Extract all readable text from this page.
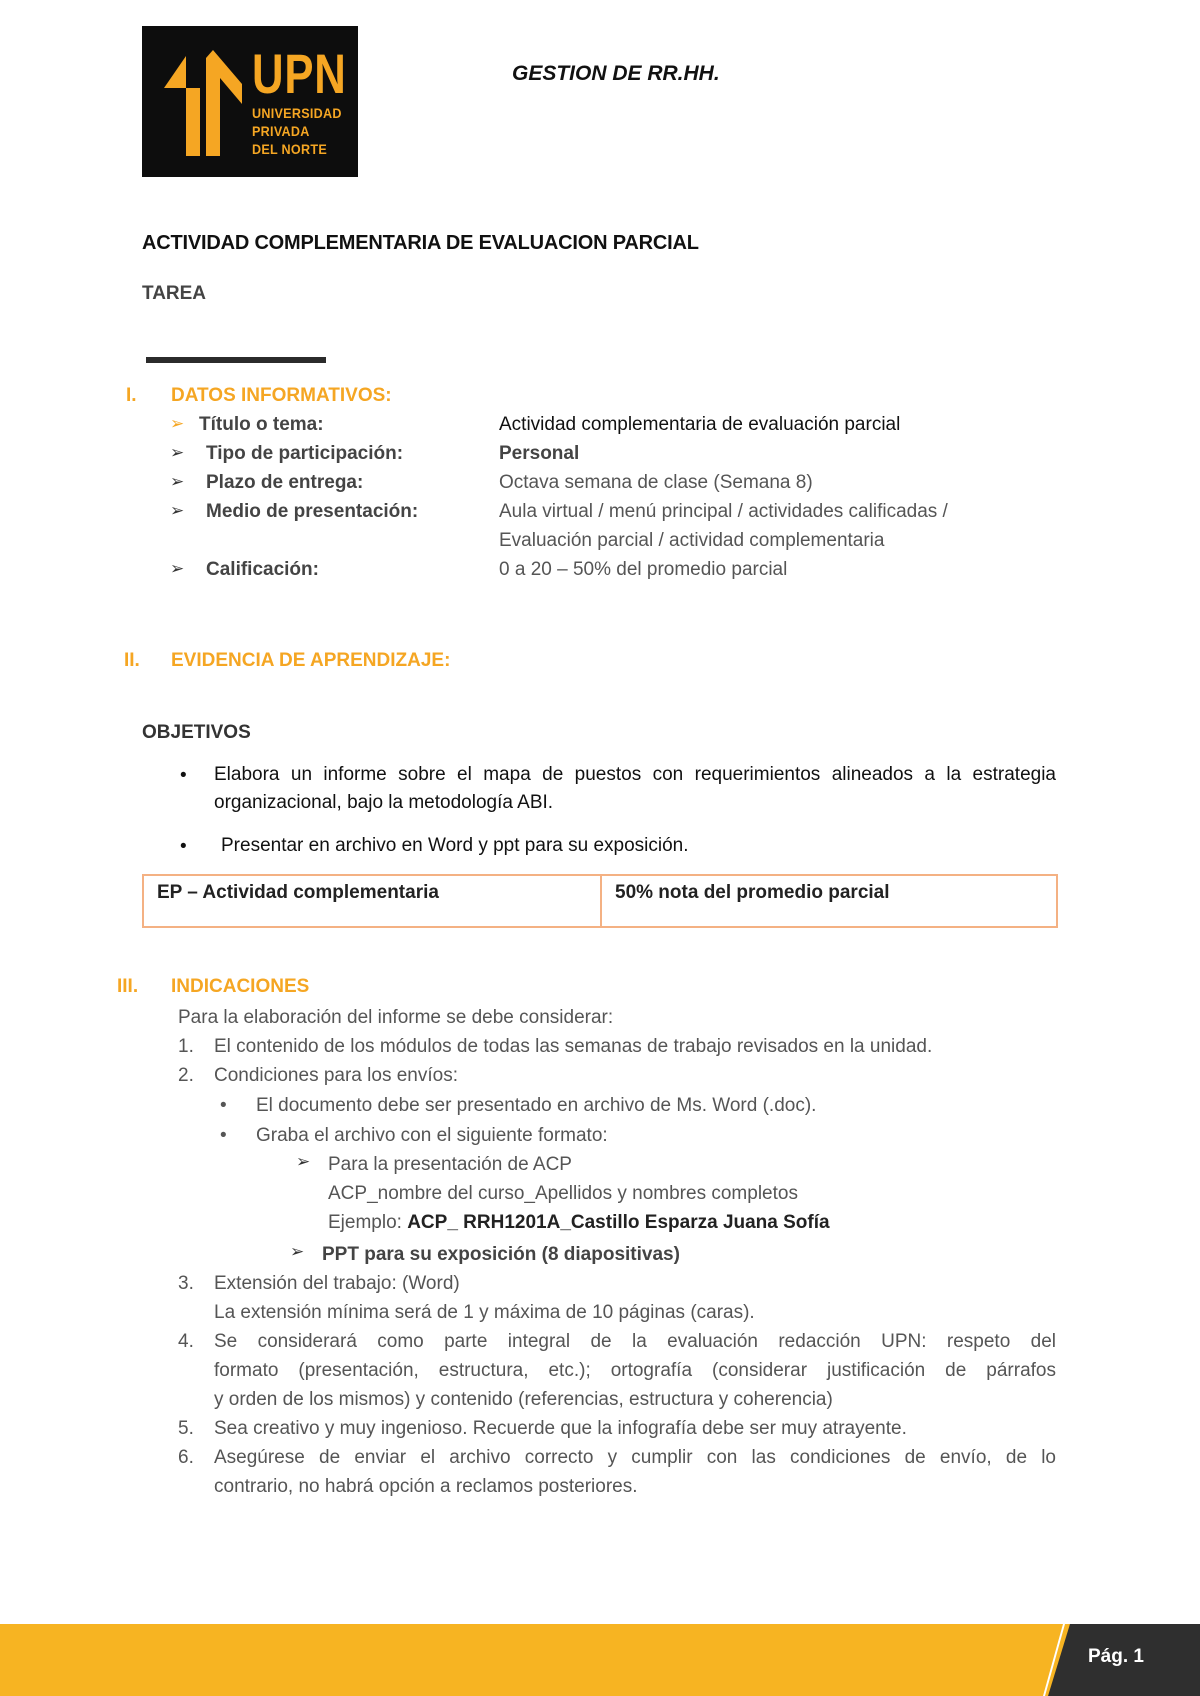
UPN
UNIVERSIDAD
PRIVADA
DEL NORTE
GESTION DE RR.HH.
ACTIVIDAD COMPLEMENTARIA DE EVALUACION PARCIAL
TAREA
I. DATOS INFORMATIVOS:
➢ Título o tema:	Actividad complementaria de evaluación parcial
➢ Tipo de participación:	Personal
➢ Plazo de entrega:	Octava semana de clase (Semana 8)
➢ Medio de presentación:	Aula virtual / menú principal / actividades calificadas /
Evaluación parcial / actividad complementaria
➢ Calificación:	0 a 20 – 50% del promedio parcial
II. EVIDENCIA DE APRENDIZAJE:
OBJETIVOS
• Elabora un informe sobre el mapa de puestos con requerimientos alineados a la estrategia organizacional, bajo la metodología ABI.
• Presentar en archivo en Word y ppt para su exposición.
EP – Actividad complementaria	50% nota del promedio parcial
III. INDICACIONES
Para la elaboración del informe se debe considerar:
1. El contenido de los módulos de todas las semanas de trabajo revisados en la unidad.
2. Condiciones para los envíos:
• El documento debe ser presentado en archivo de Ms. Word (.doc).
• Graba el archivo con el siguiente formato:
➢ Para la presentación de ACP
ACP_nombre del curso_Apellidos y nombres completos
Ejemplo: ACP_ RRH1201A_Castillo Esparza Juana Sofía
➢ PPT para su exposición (8 diapositivas)
3. Extensión del trabajo: (Word)
La extensión mínima será de 1 y máxima de 10 páginas (caras).
4. Se considerará como parte integral de la evaluación redacción UPN: respeto del
formato (presentación, estructura, etc.); ortografía (considerar justificación de párrafos
y orden de los mismos) y contenido (referencias, estructura y coherencia)
5. Sea creativo y muy ingenioso. Recuerde que la infografía debe ser muy atrayente.
6. Asegúrese de enviar el archivo correcto y cumplir con las condiciones de envío, de lo
contrario, no habrá opción a reclamos posteriores.
Pág. 1
